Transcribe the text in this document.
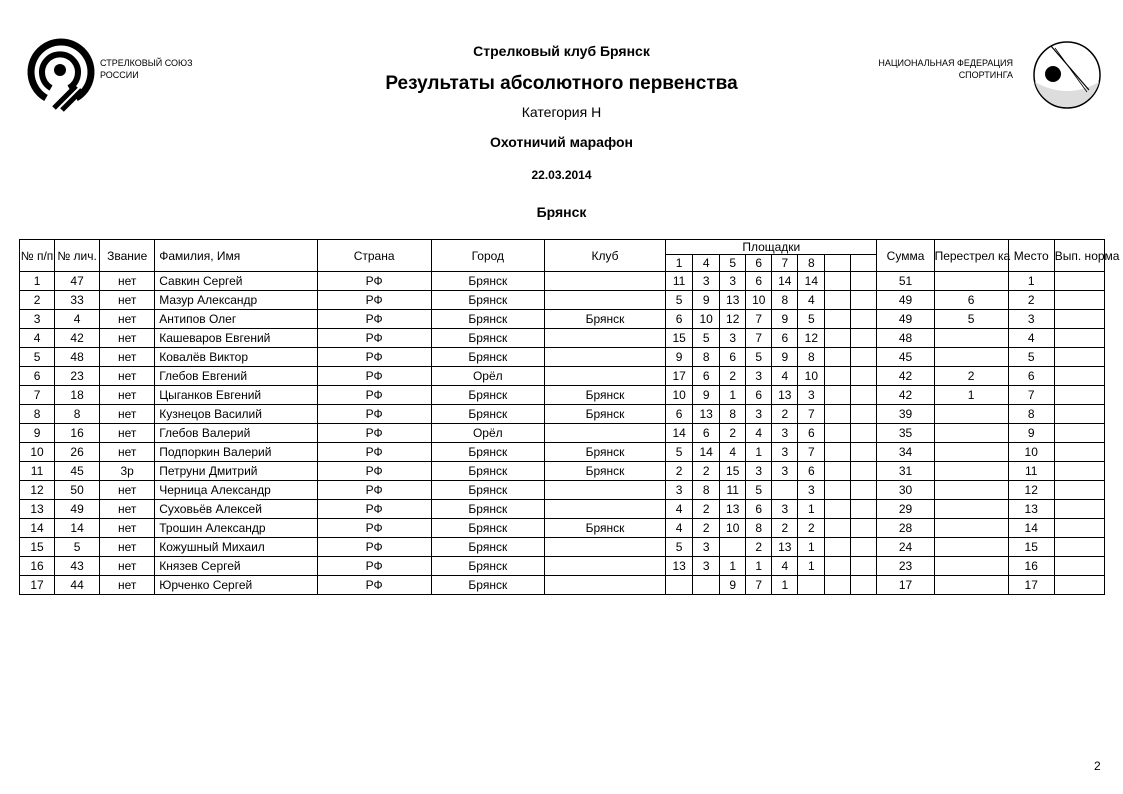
СТРЕЛКОВЫЙ СОЮЗ
РОССИИ
НАЦИОНАЛЬНАЯ ФЕДЕРАЦИЯ
СПОРТИНГА
Стрелковый клуб Брянск
Результаты абсолютного первенства
Категория Н
Охотничий марафон
22.03.2014
Брянск
№ п/п	№ лич.	Звание	Фамилия, Имя	Страна	Город	Клуб	Площадки								Сумма	Перестрел ка	Место	Вып. норма
							1	4	5	6	7	8						
1	47	нет	Савкин Сергей	РФ	Брянск		11	3	3	6	14	14			51		1	
2	33	нет	Мазур Александр	РФ	Брянск		5	9	13	10	8	4			49	6	2	
3	4	нет	Антипов Олег	РФ	Брянск	Брянск	6	10	12	7	9	5			49	5	3	
4	42	нет	Кашеваров Евгений	РФ	Брянск		15	5	3	7	6	12			48		4	
5	48	нет	Ковалёв Виктор	РФ	Брянск		9	8	6	5	9	8			45		5	
6	23	нет	Глебов Евгений	РФ	Орёл		17	6	2	3	4	10			42	2	6	
7	18	нет	Цыганков Евгений	РФ	Брянск	Брянск	10	9	1	6	13	3			42	1	7	
8	8	нет	Кузнецов Василий	РФ	Брянск	Брянск	6	13	8	3	2	7			39		8	
9	16	нет	Глебов Валерий	РФ	Орёл		14	6	2	4	3	6			35		9	
10	26	нет	Подпоркин Валерий	РФ	Брянск	Брянск	5	14	4	1	3	7			34		10	
11	45	3р	Петруни Дмитрий	РФ	Брянск	Брянск	2	2	15	3	3	6			31		11	
12	50	нет	Черница Александр	РФ	Брянск		3	8	11	5		3			30		12	
13	49	нет	Суховьёв Алексей	РФ	Брянск		4	2	13	6	3	1			29		13	
14	14	нет	Трошин Александр	РФ	Брянск	Брянск	4	2	10	8	2	2			28		14	
15	5	нет	Кожушный Михаил	РФ	Брянск		5	3		2	13	1			24		15	
16	43	нет	Князев Сергей	РФ	Брянск		13	3	1	1	4	1			23		16	
17	44	нет	Юрченко Сергей	РФ	Брянск				9	7	1				17		17	
2
